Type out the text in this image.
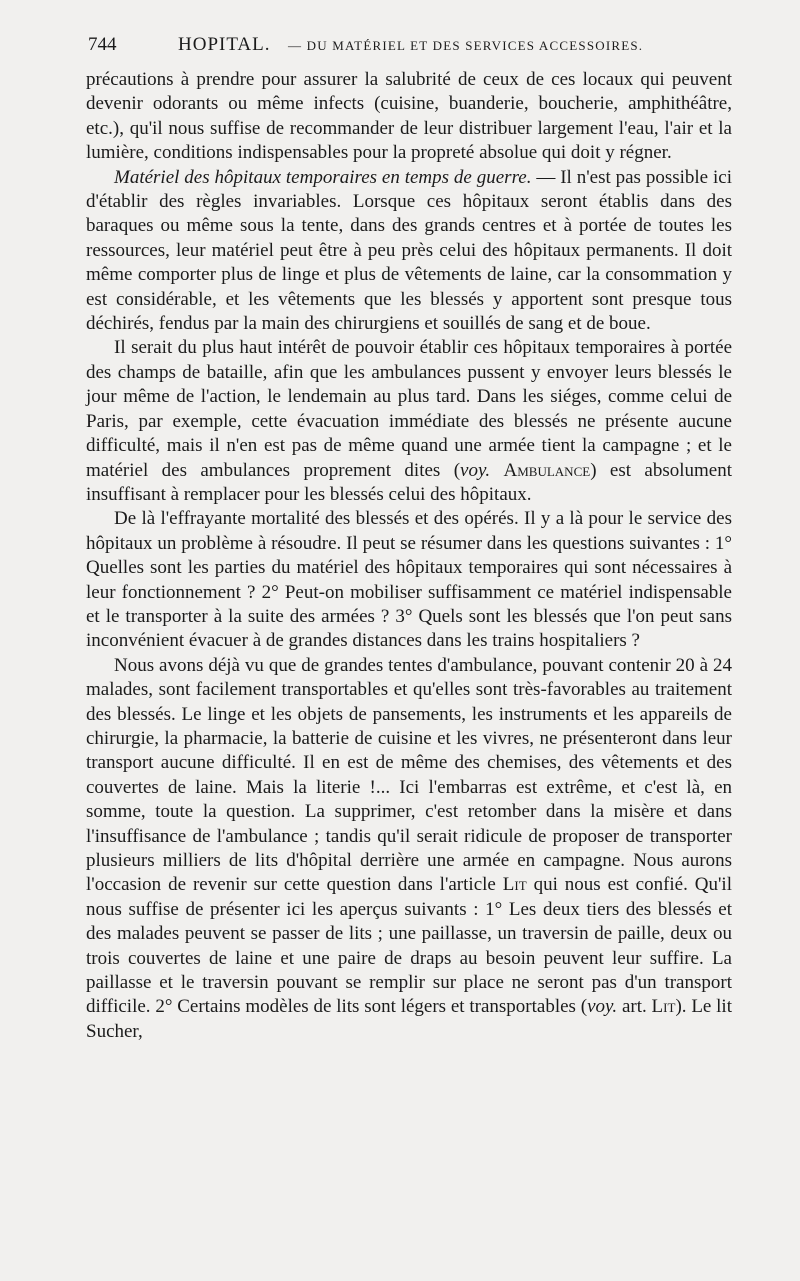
744	HOPITAL. — DU MATÉRIEL ET DES SERVICES ACCESSOIRES.

précautions à prendre pour assurer la salubrité de ceux de ces locaux qui peuvent devenir odorants ou même infects (cuisine, buanderie, boucherie, amphithéâtre, etc.), qu'il nous suffise de recommander de leur distribuer largement l'eau, l'air et la lumière, conditions indispensables pour la propreté absolue qui doit y régner.

Matériel des hôpitaux temporaires en temps de guerre. — Il n'est pas possible ici d'établir des règles invariables. Lorsque ces hôpitaux seront établis dans des baraques ou même sous la tente, dans des grands centres et à portée de toutes les ressources, leur matériel peut être à peu près celui des hôpitaux permanents. Il doit même comporter plus de linge et plus de vêtements de laine, car la consommation y est considérable, et les vêtements que les blessés y apportent sont presque tous déchirés, fendus par la main des chirurgiens et souillés de sang et de boue.

Il serait du plus haut intérêt de pouvoir établir ces hôpitaux temporaires à portée des champs de bataille, afin que les ambulances pussent y envoyer leurs blessés le jour même de l'action, le lendemain au plus tard. Dans les siéges, comme celui de Paris, par exemple, cette évacuation immédiate des blessés ne présente aucune difficulté, mais il n'en est pas de même quand une armée tient la campagne ; et le matériel des ambulances proprement dites (voy. Ambulance) est absolument insuffisant à remplacer pour les blessés celui des hôpitaux.

De là l'effrayante mortalité des blessés et des opérés. Il y a là pour le service des hôpitaux un problème à résoudre. Il peut se résumer dans les questions suivantes : 1° Quelles sont les parties du matériel des hôpitaux temporaires qui sont nécessaires à leur fonctionnement ? 2° Peut-on mobiliser suffisamment ce matériel indispensable et le transporter à la suite des armées ? 3° Quels sont les blessés que l'on peut sans inconvénient évacuer à de grandes distances dans les trains hospitaliers ?

Nous avons déjà vu que de grandes tentes d'ambulance, pouvant contenir 20 à 24 malades, sont facilement transportables et qu'elles sont très-favorables au traitement des blessés. Le linge et les objets de pansements, les instruments et les appareils de chirurgie, la pharmacie, la batterie de cuisine et les vivres, ne présenteront dans leur transport aucune difficulté. Il en est de même des chemises, des vêtements et des couvertes de laine. Mais la literie !... Ici l'embarras est extrême, et c'est là, en somme, toute la question. La supprimer, c'est retomber dans la misère et dans l'insuffisance de l'ambulance ; tandis qu'il serait ridicule de proposer de transporter plusieurs milliers de lits d'hôpital derrière une armée en campagne. Nous aurons l'occasion de revenir sur cette question dans l'article Lit qui nous est confié. Qu'il nous suffise de présenter ici les aperçus suivants : 1° Les deux tiers des blessés et des malades peuvent se passer de lits ; une paillasse, un traversin de paille, deux ou trois couvertes de laine et une paire de draps au besoin peuvent leur suffire. La paillasse et le traversin pouvant se remplir sur place ne seront pas d'un transport difficile. 2° Certains modèles de lits sont légers et transportables (voy. art. Lit). Le lit Sucher,
